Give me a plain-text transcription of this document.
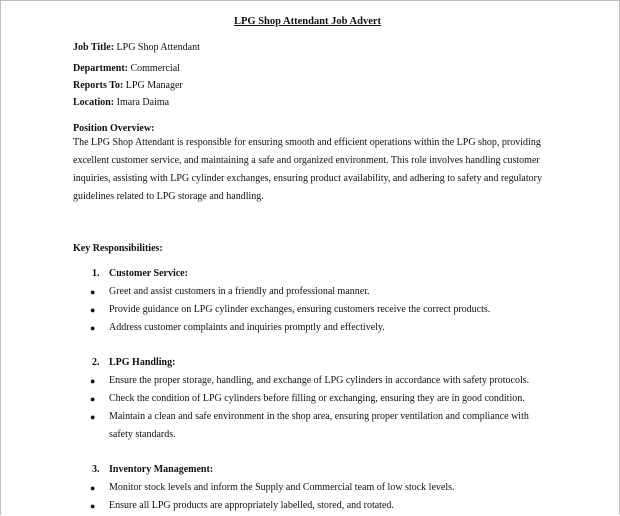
LPG Shop Attendant Job Advert
Job Title: LPG Shop Attendant
Department: Commercial
Reports To: LPG Manager
Location: Imara Daima
Position Overview:
The LPG Shop Attendant is responsible for ensuring smooth and efficient operations within the LPG shop, providing excellent customer service, and maintaining a safe and organized environment. This role involves handling customer inquiries, assisting with LPG cylinder exchanges, ensuring product availability, and adhering to safety and regulatory guidelines related to LPG storage and handling.
Key Responsibilities:
1. Customer Service:
● Greet and assist customers in a friendly and professional manner.
● Provide guidance on LPG cylinder exchanges, ensuring customers receive the correct products.
● Address customer complaints and inquiries promptly and effectively.
2. LPG Handling:
● Ensure the proper storage, handling, and exchange of LPG cylinders in accordance with safety protocols.
● Check the condition of LPG cylinders before filling or exchanging, ensuring they are in good condition.
● Maintain a clean and safe environment in the shop area, ensuring proper ventilation and compliance with safety standards.
3. Inventory Management:
● Monitor stock levels and inform the Supply and Commercial team of low stock levels.
● Ensure all LPG products are appropriately labelled, stored, and rotated.
